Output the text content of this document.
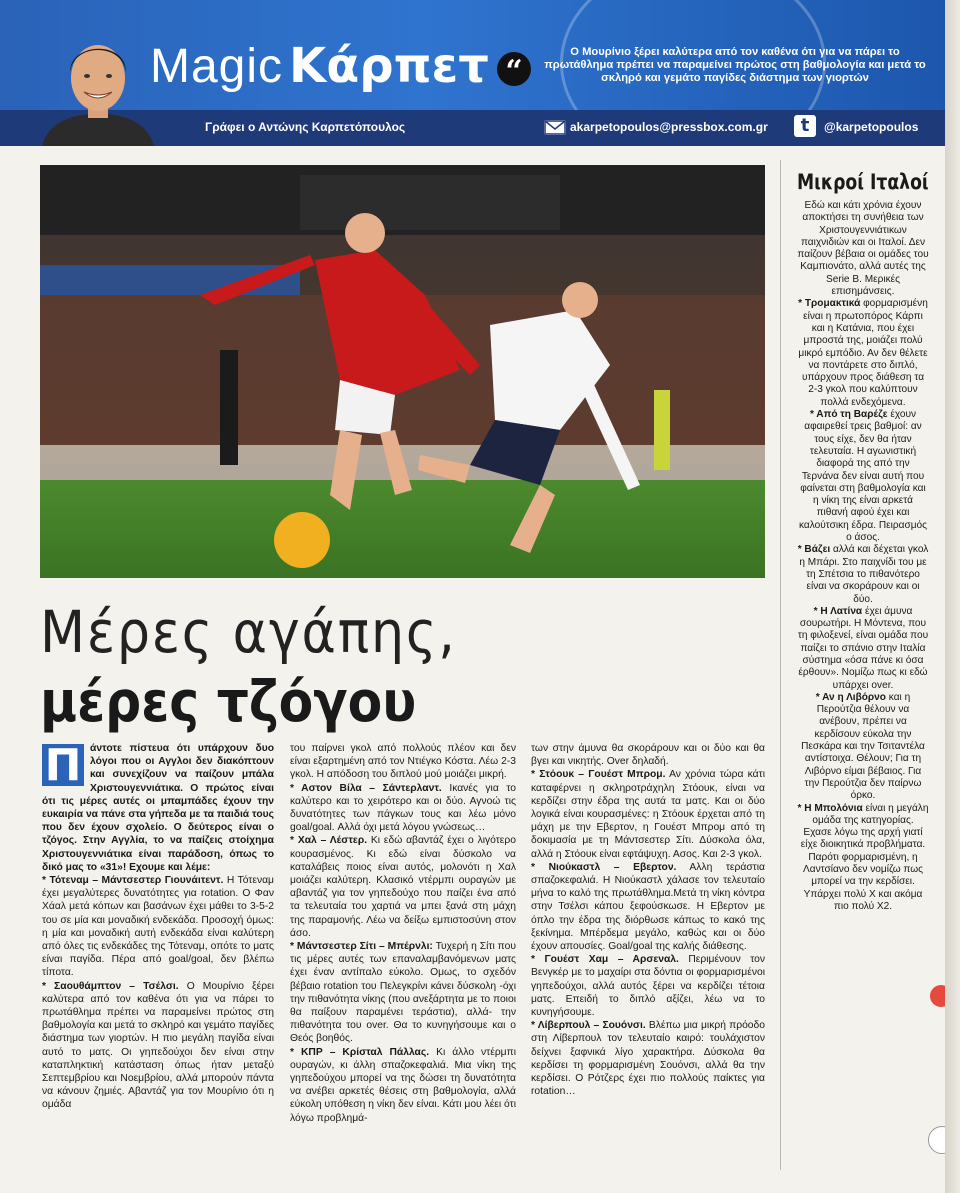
Magic Κάρπετ “
Ο Μουρίνιο ξέρει καλύτερα από τον καθένα ότι για να πάρει το πρωτάθλημα πρέπει να παραμείνει πρώτος στη βαθμολογία και μετά το σκληρό και γεμάτο παγίδες διάστημα των γιορτών
Γράφει ο Αντώνης Καρπετόπουλος	akarpetopoulos@pressbox.com.gr	t	@karpetopoulos
Μέρες αγάπης,
μέρες τζόγου
Π άντοτε πίστευα ότι υπάρχουν δυο λόγοι που οι Αγγλοι δεν διακόπτουν και συνεχίζουν να παίζουν μπάλα Χριστουγεννιάτικα. Ο πρώτος είναι ότι τις μέρες αυτές οι μπαμπάδες έχουν την ευκαιρία να πάνε στα γήπεδα με τα παιδιά τους που δεν έχουν σχολείο. Ο δεύτερος είναι ο τζόγος. Στην Αγγλία, το να παίζεις στοίχημα Χριστουγεννιάτικα είναι παράδοση, όπως το δικό μας το «31»! Εχουμε και λέμε:

* Τότεναμ – Μάντσεστερ Γιουνάιτεντ. Η Τότεναμ έχει μεγαλύτερες δυνατότητες για rotation. Ο Φαν Χάαλ μετά κόπων και βασάνων έχει μάθει το 3-5-2 του σε μία και μοναδική ενδεκάδα. Προσοχή όμως: η μία και μοναδική αυτή ενδεκάδα είναι καλύτερη από όλες τις ενδεκάδες της Τότεναμ, οπότε το ματς είναι παγίδα. Πέρα από goal/goal, δεν βλέπω τίποτα.

* Σαουθάμπτον – Τσέλσι. Ο Μουρίνιο ξέρει καλύτερα από τον καθένα ότι για να πάρει το πρωτάθλημα πρέπει να παραμείνει πρώτος στη βαθμολογία και μετά το σκληρό και γεμάτο παγίδες διάστημα των γιορτών. Η πιο μεγάλη παγίδα είναι αυτό το ματς. Οι γηπεδούχοι δεν είναι στην καταπληκτική κατάσταση όπως ήταν μεταξύ Σεπτεμβρίου και Νοεμβρίου, αλλά μπορούν πάντα να κάνουν ζημιές. Αβαντάζ για τον Μουρίνιο ότι η ομάδα

του παίρνει γκολ από πολλούς πλέον και δεν είναι εξαρτημένη από τον Ντιέγκο Κόστα. Λέω 2-3 γκολ. Η απόδοση του διπλού μού μοιάζει μικρή.

* Αστον Βίλα – Σάντερλαντ. Ικανές για το καλύτερο και το χειρότερο και οι δύο. Αγνοώ τις δυνατότητες των πάγκων τους και λέω μόνο goal/goal. Αλλά όχι μετά λόγου γνώσεως…

* Χαλ – Λέστερ. Κι εδώ αβαντάζ έχει ο λιγότερο κουρασμένος. Κι εδώ είναι δύσκολο να καταλάβεις ποιος είναι αυτός, μολονότι η Χαλ μοιάζει καλύτερη. Κλασικό ντέρμπι ουραγών με αβαντάζ για τον γηπεδούχο που παίζει ένα από τα τελευταία του χαρτιά να μπει ξανά στη μάχη της παραμονής. Λέω να δείξω εμπιστοσύνη στον άσο.

* Μάντσεστερ Σίτι – Μπέρνλι: Τυχερή η Σίτι που τις μέρες αυτές των επαναλαμβανόμενων ματς έχει έναν αντίπαλο εύκολο. Ομως, το σχεδόν βέβαιο rotation του Πελεγκρίνι κάνει δύσκολη -όχι την πιθανότητα νίκης (που ανεξάρτητα με το ποιοι θα παίξουν παραμένει τεράστια), αλλά- την πιθανότητα του over. Θα το κυνηγήσουμε και ο Θεός βοηθός.

* ΚΠΡ – Κρίσταλ Πάλλας. Κι άλλο ντέρμπι ουραγών, κι άλλη σπαζοκεφαλιά. Μια νίκη της γηπεδούχου μπορεί να της δώσει τη δυνατότητα να ανέβει αρκετές θέσεις στη βαθμολογία, αλλά εύκολη υπόθεση η νίκη δεν είναι. Κάτι μου λέει ότι λόγω προβλημά-

των στην άμυνα θα σκοράρουν και οι δύο και θα βγει και νικητής. Over δηλαδή.

* Στόουκ – Γουέστ Μπρομ. Αν χρόνια τώρα κάτι καταφέρνει η σκληροτράχηλη Στόουκ, είναι να κερδίζει στην έδρα της αυτά τα ματς. Και οι δύο λογικά είναι κουρασμένες: η Στόουκ έρχεται από τη μάχη με την Εβερτον, η Γουέστ Μπρομ από τη δοκιμασία με τη Μάντσεστερ Σίτι. Δύσκολα όλα, αλλά η Στόουκ είναι εφτάψυχη. Ασος. Και 2-3 γκολ.

* Νιούκαστλ – Εβερτον. Αλλη τεράστια σπαζοκεφαλιά. Η Νιούκαστλ χάλασε τον τελευταίο μήνα το καλό της πρωτάθλημα.Μετά τη νίκη κόντρα στην Τσέλσι κάπου ξεφούσκωσε. Η Εβερτον με όπλο την έδρα της διόρθωσε κάπως το κακό της ξεκίνημα. Μπέρδεμα μεγάλο, καθώς και οι δύο έχουν απουσίες. Goal/goal της καλής διάθεσης.

* Γουέστ Χαμ – Αρσεναλ. Περιμένουν τον Βενγκέρ με το μαχαίρι στα δόντια οι φορμαρισμένοι γηπεδούχοι, αλλά αυτός ξέρει να κερδίζει τέτοια ματς. Επειδή το διπλό αξίζει, λέω να το κυνηγήσουμε.

* Λίβερπουλ – Σουόνσι. Βλέπω μια μικρή πρόοδο στη Λίβερπουλ τον τελευταίο καιρό: τουλάχιστον δείχνει ξαφνικά λίγο χαρακτήρα. Δύσκολα θα κερδίσει τη φορμαρισμένη Σουόνσι, αλλά θα την κερδίσει. Ο Ρότζερς έχει πιο πολλούς παίκτες για rotation…

Μικροί Ιταλοί

Εδώ και κάτι χρόνια έχουν αποκτήσει τη συνήθεια των Χριστουγεννιάτικων παιχνιδιών και οι Ιταλοί. Δεν παίζουν βέβαια οι ομάδες του Καμπιονάτο, αλλά αυτές της Serie B. Μερικές επισημάνσεις.

* Τρομακτικά φορμαρισμένη είναι η πρωτοπόρος Κάρπι και η Κατάνια, που έχει μπροστά της, μοιάζει πολύ μικρό εμπόδιο. Αν δεν θέλετε να ποντάρετε στο διπλό, υπάρχουν προς διάθεση τα 2-3 γκολ που καλύπτουν πολλά ενδεχόμενα.

* Από τη Βαρέζε έχουν αφαιρεθεί τρεις βαθμοί: αν τους είχε, δεν θα ήταν τελευταία. Η αγωνιστική διαφορά της από την Τερνάνα δεν είναι αυτή που φαίνεται στη βαθμολογία και η νίκη της είναι αρκετά πιθανή αφού έχει και καλούτσικη έδρα. Πειρασμός ο άσος.

* Βάζει αλλά και δέχεται γκολ η Μπάρι. Στο παιχνίδι του με τη Σπέτσια το πιθανότερο είναι να σκοράρουν και οι δύο.

* Η Λατίνα έχει άμυνα σουρωτήρι. Η Μόντενα, που τη φιλοξενεί, είναι ομάδα που παίζει το σπάνιο στην Ιταλία σύστημα «όσα πάνε κι όσα έρθουν». Νομίζω πως κι εδώ υπάρχει over.

* Αν η Λιβόρνο και η Περούτζια θέλουν να ανέβουν, πρέπει να κερδίσουν εύκολα την Πεσκάρα και την Τσιταντέλα αντίστοιχα. Θέλουν; Για τη Λιβόρνο είμαι βέβαιος. Για την Περούτζια δεν παίρνω όρκο.

* Η Μπολόνια είναι η μεγάλη ομάδα της κατηγορίας. Εχασε λόγω της αρχή γιατί είχε διοικητικά προβλήματα. Παρότι φορμαρισμένη, η Λαντσίανο δεν νομίζω πως μπορεί να την κερδίσει. Υπάρχει πολύ Χ και ακόμα πιο πολύ Χ2.
